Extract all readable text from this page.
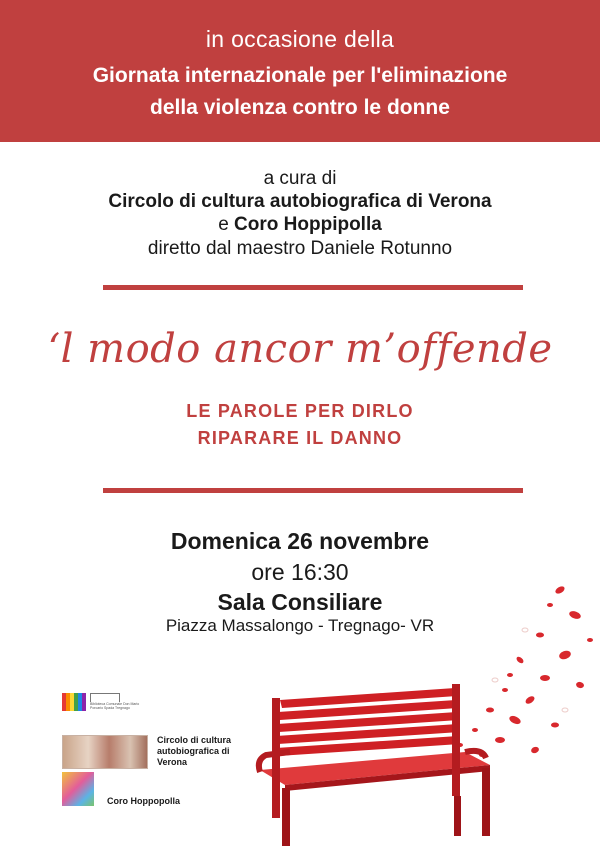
in occasione della
Giornata internazionale per l'eliminazione
della violenza contro le donne
a cura di
Circolo di cultura autobiografica di Verona
e Coro Hoppipolla
diretto dal maestro Daniele Rotunno
‘l modo ancor m’offende
LE PAROLE PER DIRLO
RIPARARE IL DANNO
Domenica 26 novembre
ore 16:30
Sala Consiliare
Piazza Massalongo - Tregnago- VR
Biblioteca Comunale Don Mario Porcario Spada Tregnago
Circolo di cultura autobiografica di Verona
Coro Hoppopolla
